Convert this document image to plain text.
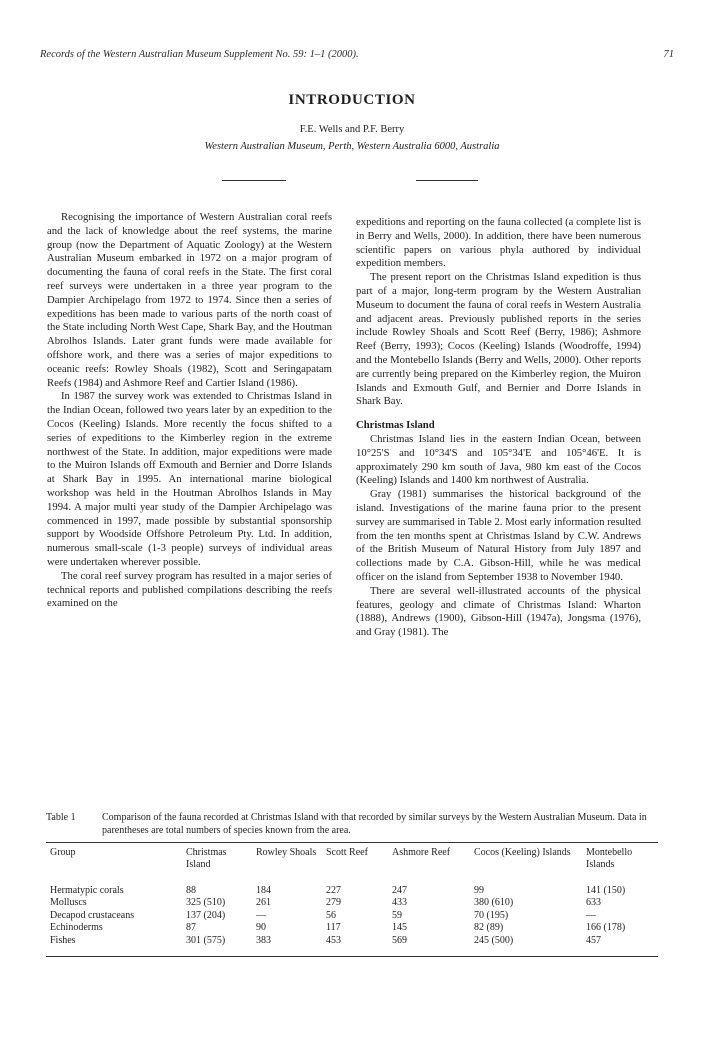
Records of the Western Australian Museum Supplement No. 59: 1–1 (2000).	71
INTRODUCTION
F.E. Wells and P.F. Berry
Western Australian Museum, Perth, Western Australia 6000, Australia

Recognising the importance of Western Australian coral reefs and the lack of knowledge about the reef systems, the marine group (now the Department of Aquatic Zoology) at the Western Australian Museum embarked in 1972 on a major program of documenting the fauna of coral reefs in the State. The first coral reef surveys were undertaken in a three year program to the Dampier Archipelago from 1972 to 1974. Since then a series of expeditions has been made to various parts of the north coast of the State including North West Cape, Shark Bay, and the Houtman Abrolhos Islands. Later grant funds were made available for offshore work, and there was a series of major expeditions to oceanic reefs: Rowley Shoals (1982), Scott and Seringapatam Reefs (1984) and Ashmore Reef and Cartier Island (1986).

In 1987 the survey work was extended to Christmas Island in the Indian Ocean, followed two years later by an expedition to the Cocos (Keeling) Islands. More recently the focus shifted to a series of expeditions to the Kimberley region in the extreme northwest of the State. In addition, major expeditions were made to the Muiron Islands off Exmouth and Bernier and Dorre Islands at Shark Bay in 1995. An international marine biological workshop was held in the Houtman Abrolhos Islands in May 1994. A major multi year study of the Dampier Archipelago was commenced in 1997, made possible by substantial sponsorship support by Woodside Offshore Petroleum Pty. Ltd. In addition, numerous small-scale (1-3 people) surveys of individual areas were undertaken wherever possible.

The coral reef survey program has resulted in a major series of technical reports and published compilations describing the reefs examined on the

expeditions and reporting on the fauna collected (a complete list is in Berry and Wells, 2000). In addition, there have been numerous scientific papers on various phyla authored by individual expedition members.

The present report on the Christmas Island expedition is thus part of a major, long-term program by the Western Australian Museum to document the fauna of coral reefs in Western Australia and adjacent areas. Previously published reports in the series include Rowley Shoals and Scott Reef (Berry, 1986); Ashmore Reef (Berry, 1993); Cocos (Keeling) Islands (Woodroffe, 1994) and the Montebello Islands (Berry and Wells, 2000). Other reports are currently being prepared on the Kimberley region, the Muiron Islands and Exmouth Gulf, and Bernier and Dorre Islands in Shark Bay.

Christmas Island

Christmas Island lies in the eastern Indian Ocean, between 10°25'S and 10°34'S and 105°34'E and 105°46'E. It is approximately 290 km south of Java, 980 km east of the Cocos (Keeling) Islands and 1400 km northwest of Australia.

Gray (1981) summarises the historical background of the island. Investigations of the marine fauna prior to the present survey are summarised in Table 2. Most early information resulted from the ten months spent at Christmas Island by C.W. Andrews of the British Museum of Natural History from July 1897 and collections made by C.A. Gibson-Hill, while he was medical officer on the island from September 1938 to November 1940.

There are several well-illustrated accounts of the physical features, geology and climate of Christmas Island: Wharton (1888), Andrews (1900), Gibson-Hill (1947a), Jongsma (1976), and Gray (1981). The

Table 1	Comparison of the fauna recorded at Christmas Island with that recorded by similar surveys by the Western Australian Museum. Data in parentheses are total numbers of species known from the area.
Group	Christmas Island	Rowley Shoals	Scott Reef	Ashmore Reef	Cocos (Keeling) Islands	Montebello Islands
Hermatypic corals	88	184	227	247	99	141 (150)
Molluscs	325 (510)	261	279	433	380 (610)	633
Decapod crustaceans	137 (204)	—	56	59	70 (195)	—
Echinoderms	87	90	117	145	82 (89)	166 (178)
Fishes	301 (575)	383	453	569	245 (500)	457
